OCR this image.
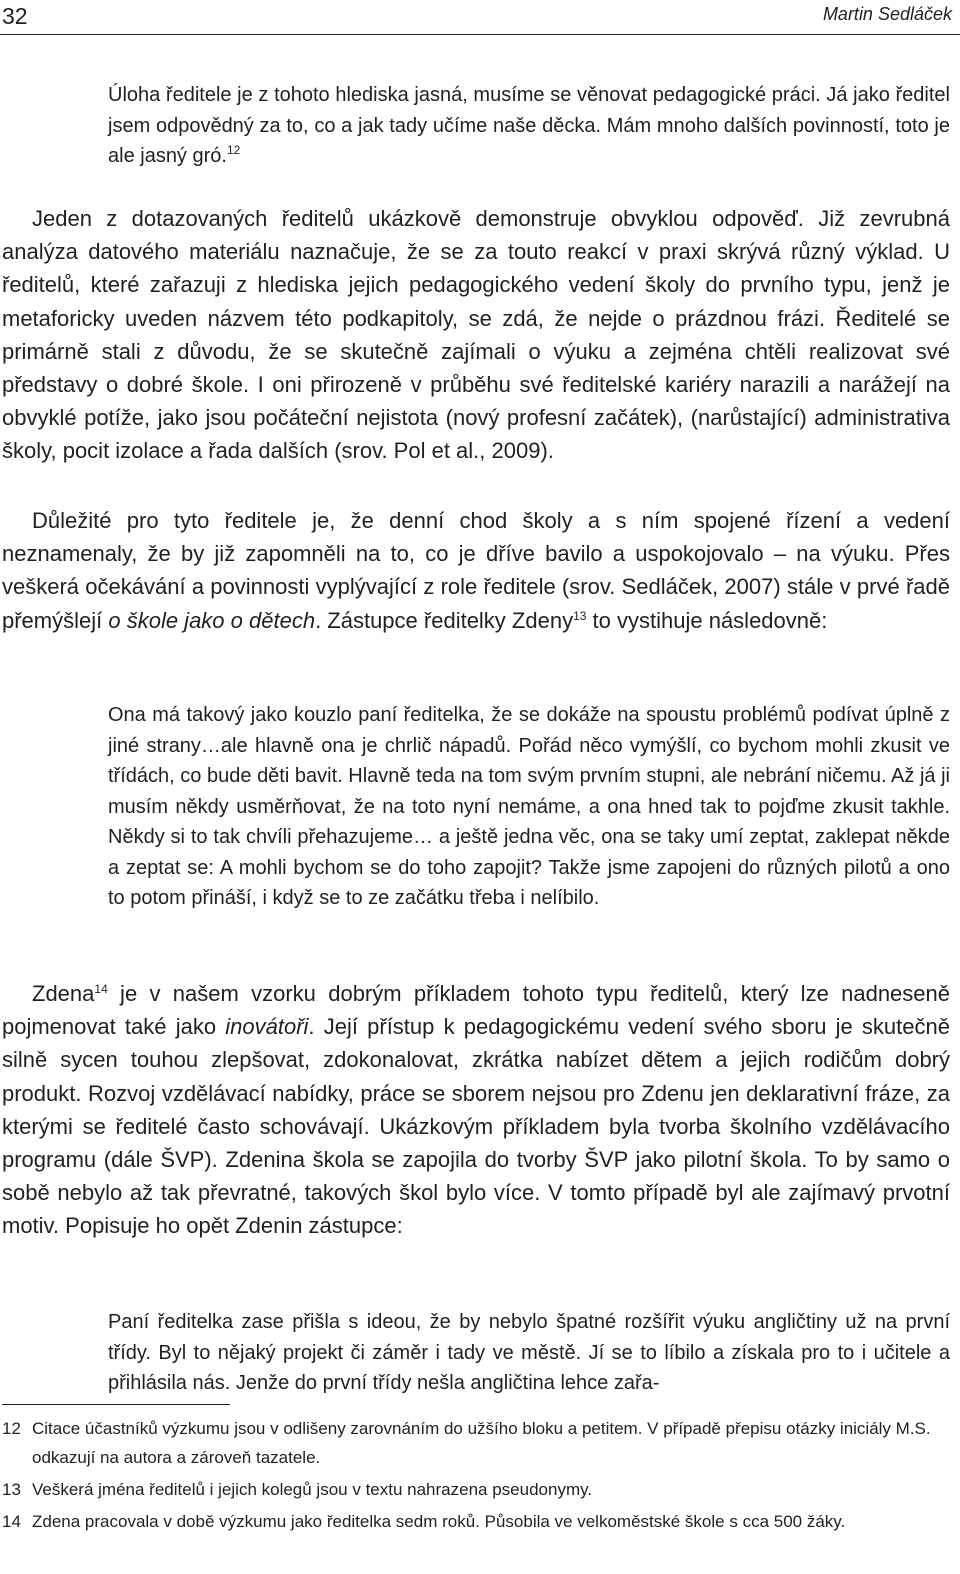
32	Martin Sedláček

Úloha ředitele je z tohoto hlediska jasná, musíme se věnovat pedagogické práci. Já jako ředitel jsem odpovědný za to, co a jak tady učíme naše děcka. Mám mnoho dalších povinností, toto je ale jasný gró.$^{12}$

Jeden z dotazovaných ředitelů ukázkově demonstruje obvyklou odpověď. Již zevrubná analýza datového materiálu naznačuje, že se za touto reakcí v praxi skrývá různý výklad. U ředitelů, které zařazuji z hlediska jejich pedagogického vedení školy do prvního typu, jenž je metaforicky uveden názvem této podkapitoly, se zdá, že nejde o prázdnou frázi. Ředitelé se primárně stali z důvodu, že se skutečně zajímali o výuku a zejména chtěli realizovat své představy o dobré škole. I oni přirozeně v průběhu své ředitelské kariéry narazili a narážejí na obvyklé potíže, jako jsou počáteční nejistota (nový profesní začátek), (narůstající) administrativa školy, pocit izolace a řada dalších (srov. Pol et al., 2009).

Důležité pro tyto ředitele je, že denní chod školy a s ním spojené řízení a vedení neznamenaly, že by již zapomněli na to, co je dříve bavilo a uspokojovalo – na výuku. Přes veškerá očekávání a povinnosti vyplývající z role ředitele (srov. Sedláček, 2007) stále v prvé řadě přemýšlejí o škole jako o dětech. Zástupce ředitelky Zdeny$^{13}$ to vystihuje následovně:

Ona má takový jako kouzlo paní ředitelka, že se dokáže na spoustu problémů podívat úplně z jiné strany…ale hlavně ona je chrlič nápadů. Pořád něco vymýšlí, co bychom mohli zkusit ve třídách, co bude děti bavit. Hlavně teda na tom svým prvním stupni, ale nebrání ničemu. Až já ji musím někdy usměrňovat, že na toto nyní nemáme, a ona hned tak to pojďme zkusit takhle. Někdy si to tak chvíli přehazujeme… a ještě jedna věc, ona se taky umí zeptat, zaklepat někde a zeptat se: A mohli bychom se do toho zapojit? Takže jsme zapojeni do různých pilotů a ono to potom přináší, i když se to ze začátku třeba i nelíbilo.

Zdena$^{14}$ je v našem vzorku dobrým příkladem tohoto typu ředitelů, který lze nadneseně pojmenovat také jako inovátoři. Její přístup k pedagogickému vedení svého sboru je skutečně silně sycen touhou zlepšovat, zdokonalovat, zkrátka nabízet dětem a jejich rodičům dobrý produkt. Rozvoj vzdělávací nabídky, práce se sborem nejsou pro Zdenu jen deklarativní fráze, za kterými se ředitelé často schovávají. Ukázkovým příkladem byla tvorba školního vzdělávacího programu (dále ŠVP). Zdenina škola se zapojila do tvorby ŠVP jako pilotní škola. To by samo o sobě nebylo až tak převratné, takových škol bylo více. V tomto případě byl ale zajímavý prvotní motiv. Popisuje ho opět Zdenin zástupce:

Paní ředitelka zase přišla s ideou, že by nebylo špatné rozšířit výuku angličtiny už na první třídy. Byl to nějaký projekt či záměr i tady ve městě. Jí se to líbilo a získala pro to i učitele a přihlásila nás. Jenže do první třídy nešla angličtina lehce zařa-

12 Citace účastníků výzkumu jsou v odlišeny zarovnáním do užšího bloku a petitem. V případě přepisu otázky iniciály M.S. odkazují na autora a zároveň tazatele.
13 Veškerá jména ředitelů i jejich kolegů jsou v textu nahrazena pseudonymy.
14 Zdena pracovala v době výzkumu jako ředitelka sedm roků. Působila ve velkoměstské škole s cca 500 žáky.
